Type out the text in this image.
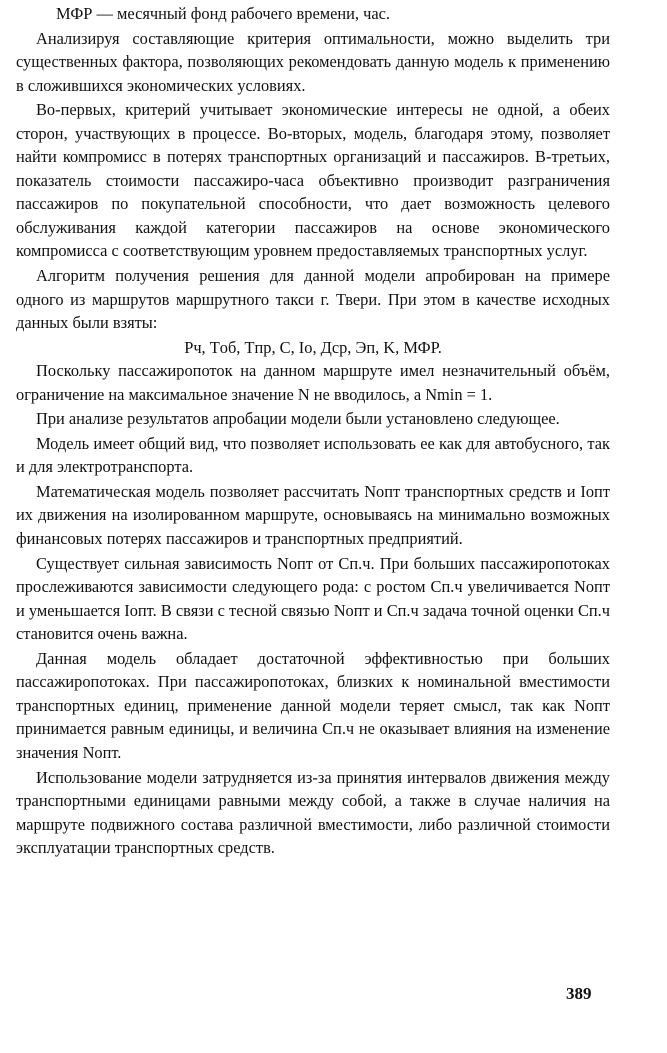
МФР — месячный фонд рабочего времени, час.

Анализируя составляющие критерия оптимальности, можно выделить три существенных фактора, позволяющих рекомендовать данную модель к применению в сложившихся экономических условиях.

Во-первых, критерий учитывает экономические интересы не одной, а обеих сторон, участвующих в процессе. Во-вторых, модель, благодаря этому, позволяет найти компромисс в потерях транспортных организаций и пассажиров. В-третьих, показатель стоимости пассажиро-часа объективно производит разграничения пассажиров по покупательной способности, что дает возможность целевого обслуживания каждой категории пассажиров на основе экономического компромисса с соответствующим уровнем предоставляемых транспортных услуг.

Алгоритм получения решения для данной модели апробирован на примере одного из маршрутов маршрутного такси г. Твери. При этом в качестве исходных данных были взяты:

Pч, Tоб, Tпр, C, Iо, Дср, Эп, K, МФР.

Поскольку пассажиропоток на данном маршруте имел незначительный объём, ограничение на максимальное значение N не вводилось, а Nmin = 1.

При анализе результатов апробации модели были установлено следующее.

Модель имеет общий вид, что позволяет использовать ее как для автобусного, так и для электротранспорта.

Математическая модель позволяет рассчитать Nопт транспортных средств и Iопт их движения на изолированном маршруте, основываясь на минимально возможных финансовых потерях пассажиров и транспортных предприятий.

Существует сильная зависимость Nопт от Cп.ч. При больших пассажиропотоках прослеживаются зависимости следующего рода: с ростом Cп.ч увеличивается Nопт и уменьшается Iопт. В связи с тесной связью Nопт и Cп.ч задача точной оценки Cп.ч становится очень важна.

Данная модель обладает достаточной эффективностью при больших пассажиропотоках. При пассажиропотоках, близких к номинальной вместимости транспортных единиц, применение данной модели теряет смысл, так как Nопт принимается равным единицы, и величина Cп.ч не оказывает влияния на изменение значения Nопт.

Использование модели затрудняется из-за принятия интервалов движения между транспортными единицами равными между собой, а также в случае наличия на маршруте подвижного состава различной вместимости, либо различной стоимости эксплуатации транспортных средств.

389
